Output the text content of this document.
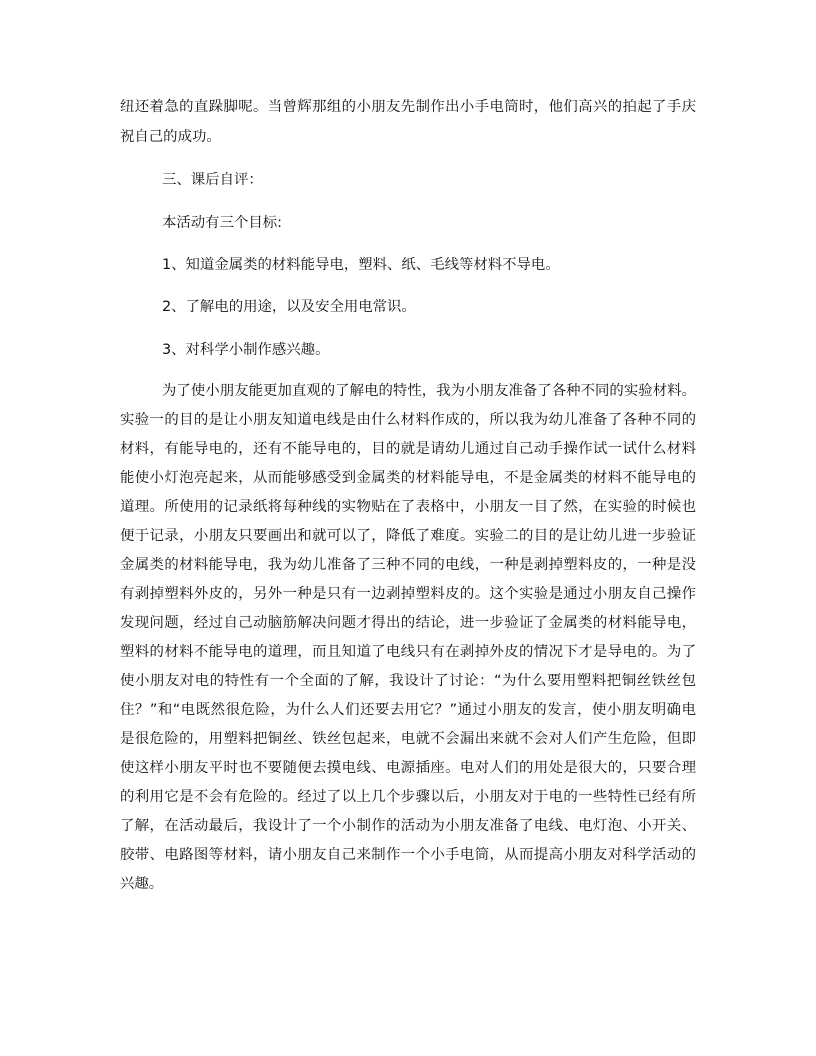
纽还着急的直跺脚呢。当曾辉那组的小朋友先制作出小手电筒时，他们高兴的拍起了手庆
祝自己的成功。
三、课后自评：
本活动有三个目标:
1、知道金属类的材料能导电，塑料、纸、毛线等材料不导电。
2、了解电的用途，以及安全用电常识。
3、对科学小制作感兴趣。
为了使小朋友能更加直观的了解电的特性，我为小朋友准备了各种不同的实验材料。
实验一的目的是让小朋友知道电线是由什么材料作成的，所以我为幼儿准备了各种不同的
材料，有能导电的，还有不能导电的，目的就是请幼儿通过自己动手操作试一试什么材料
能使小灯泡亮起来，从而能够感受到金属类的材料能导电，不是金属类的材料不能导电的
道理。所使用的记录纸将每种线的实物贴在了表格中，小朋友一目了然，在实验的时候也
便于记录，小朋友只要画出和就可以了，降低了难度。实验二的目的是让幼儿进一步验证
金属类的材料能导电，我为幼儿准备了三种不同的电线，一种是剥掉塑料皮的，一种是没
有剥掉塑料外皮的，另外一种是只有一边剥掉塑料皮的。这个实验是通过小朋友自己操作
发现问题，经过自己动脑筋解决问题才得出的结论，进一步验证了金属类的材料能导电，
塑料的材料不能导电的道理，而且知道了电线只有在剥掉外皮的情况下才是导电的。为了
使小朋友对电的特性有一个全面的了解，我设计了讨论：“为什么要用塑料把铜丝铁丝包
住？”和“电既然很危险，为什么人们还要去用它？”通过小朋友的发言，使小朋友明确电
是很危险的，用塑料把铜丝、铁丝包起来，电就不会漏出来就不会对人们产生危险，但即
使这样小朋友平时也不要随便去摸电线、电源插座。电对人们的用处是很大的，只要合理
的利用它是不会有危险的。经过了以上几个步骤以后，小朋友对于电的一些特性已经有所
了解，在活动最后，我设计了一个小制作的活动为小朋友准备了电线、电灯泡、小开关、
胶带、电路图等材料，请小朋友自己来制作一个小手电筒，从而提高小朋友对科学活动的
兴趣。
